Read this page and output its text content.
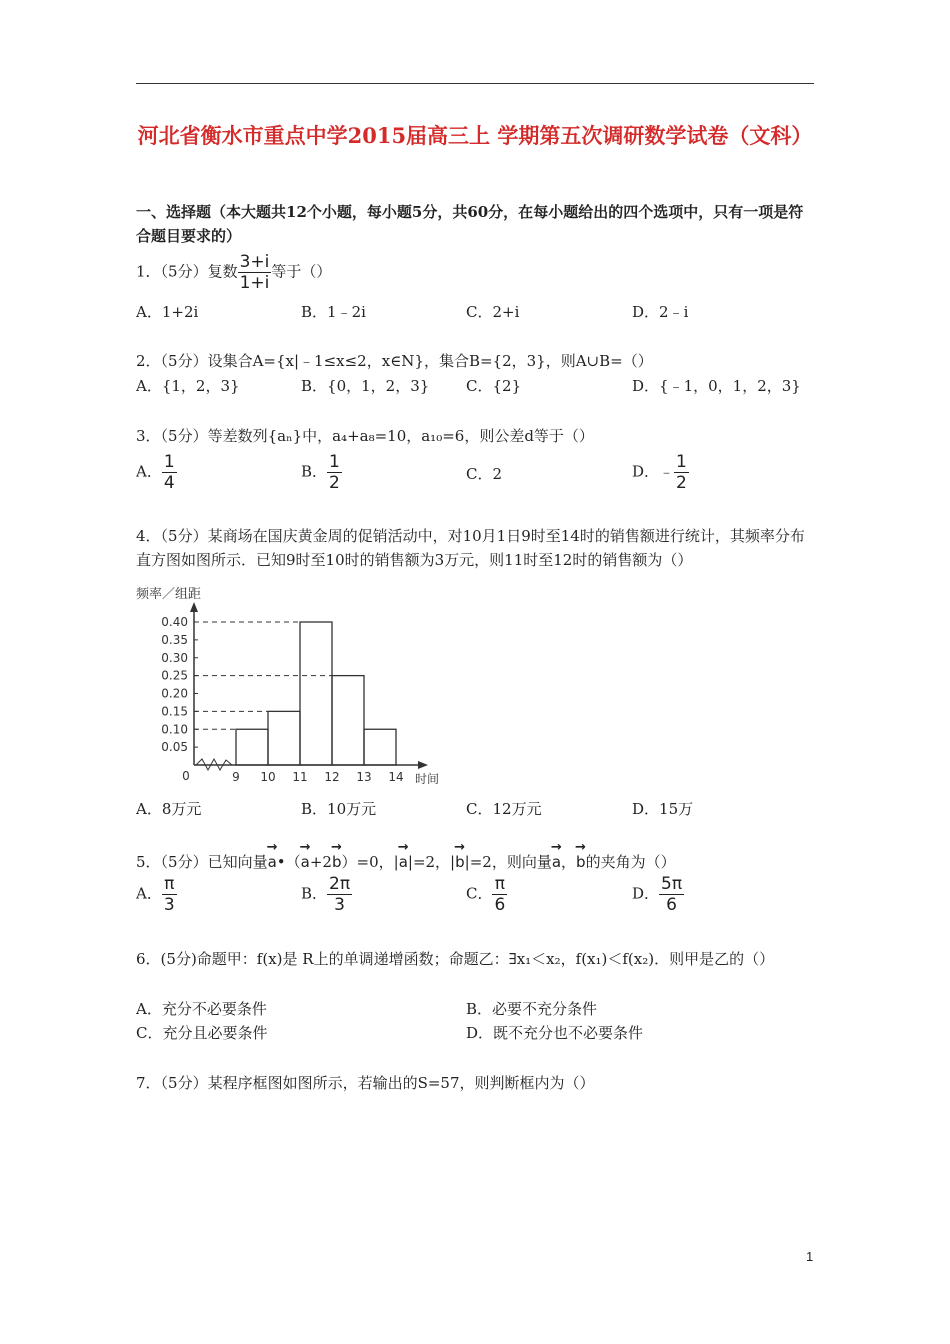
河北省衡水市重点中学2015届高三上 学期第五次调研数学试卷（文科）
一、选择题（本大题共12个小题，每小题5分，共60分，在每小题给出的四个选项中，只有一项是符合题目要求的）
1．（5分）复数 $\frac{3+i}{1+i}$ 等于（）
A．1+2i	B．1﹣2i	C．2+i	D．2﹣i
2．（5分）设集合A={x|﹣1≤x≤2，x∈N}，集合B={2，3}，则A∪B=（）
A．{1，2，3}	B．{0，1，2，3} C．{2}	D．{﹣1，0，1，2，3}
3．（5分）等差数列{aₙ}中，a₄+a₈=10，a₁₀=6，则公差d等于（）
A． $\frac{1}{4}$	B． $\frac{1}{2}$	C．2	D．﹣ $\frac{1}{2}$
4．（5分）某商场在国庆黄金周的促销活动中，对10月1日9时至14时的销售额进行统计，其频率分布直方图如图所示．已知9时至10时的销售额为3万元，则11时至12时的销售额为（）
频率／组距
0.05
0.10
0.15
0.20
0.25
0.30
0.35
0.40
0	9 10 11 12 13 14 时间
A．8万元	B．10万元	C．12万元	D．15万
5．（5分）已知向量→ a•（→ a+2→ b）=0，|→ a|=2，|→ b|=2，则向量→ a，→ b的夹角为（）
A． $\frac{\pi}{3}$	B． $\frac{2\pi}{3}$	C． $\frac{\pi}{6}$	D． $\frac{5\pi}{6}$
6．(5分)命题甲：f(x)是 R上的单调递增函数；命题乙：∃x₁＜x₂，f(x₁)＜f(x₂)．则甲是乙的（）
A．充分不必要条件	B．必要不充分条件
C．充分且必要条件	D．既不充分也不必要条件
7．（5分）某程序框图如图所示，若输出的S=57，则判断框内为（）
1
